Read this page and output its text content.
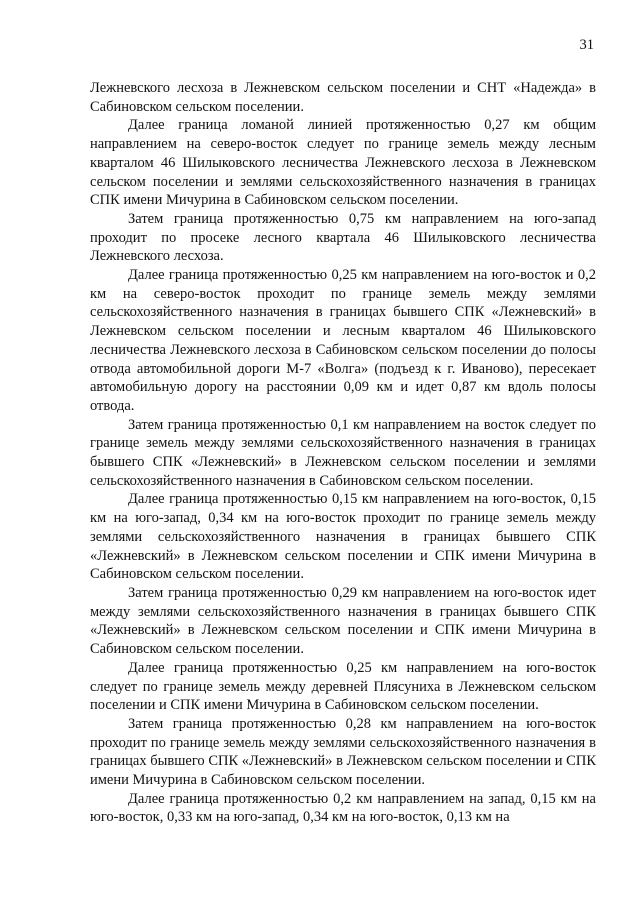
31

Лежневского лесхоза в Лежневском сельском поселении и СНТ «Надежда» в Сабиновском сельском поселении.

Далее граница ломаной линией протяженностью 0,27 км общим направлением на северо-восток следует по границе земель между лесным кварталом 46 Шилыковского лесничества Лежневского лесхоза в Лежневском сельском поселении и землями сельскохозяйственного назначения в границах СПК имени Мичурина в Сабиновском сельском поселении.

Затем граница протяженностью 0,75 км направлением на юго-запад проходит по просеке лесного квартала 46 Шилыковского лесничества Лежневского лесхоза.

Далее граница протяженностью 0,25 км направлением на юго-восток и 0,2 км на северо-восток проходит по границе земель между землями сельскохозяйственного назначения в границах бывшего СПК «Лежневский» в Лежневском сельском поселении и лесным кварталом 46 Шилыковского лесничества Лежневского лесхоза в Сабиновском сельском поселении до полосы отвода автомобильной дороги М-7 «Волга» (подъезд к г. Иваново), пересекает автомобильную дорогу на расстоянии 0,09 км и идет 0,87 км вдоль полосы отвода.

Затем граница протяженностью 0,1 км направлением на восток следует по границе земель между землями сельскохозяйственного назначения в границах бывшего СПК «Лежневский» в Лежневском сельском поселении и землями сельскохозяйственного назначения в Сабиновском сельском поселении.

Далее граница протяженностью 0,15 км направлением на юго-восток, 0,15 км на юго-запад, 0,34 км на юго-восток проходит по границе земель между землями сельскохозяйственного назначения в границах бывшего СПК «Лежневский» в Лежневском сельском поселении и СПК имени Мичурина в Сабиновском сельском поселении.

Затем граница протяженностью 0,29 км направлением на юго-восток идет между землями сельскохозяйственного назначения в границах бывшего СПК «Лежневский» в Лежневском сельском поселении и СПК имени Мичурина в Сабиновском сельском поселении.

Далее граница протяженностью 0,25 км направлением на юго-восток следует по границе земель между деревней Плясуниха в Лежневском сельском поселении и СПК имени Мичурина в Сабиновском сельском поселении.

Затем граница протяженностью 0,28 км направлением на юго-восток проходит по границе земель между землями сельскохозяйственного назначения в границах бывшего СПК «Лежневский» в Лежневском сельском поселении и СПК имени Мичурина в Сабиновском сельском поселении.

Далее граница протяженностью 0,2 км направлением на запад, 0,15 км на юго-восток, 0,33 км на юго-запад, 0,34 км на юго-восток, 0,13 км на
